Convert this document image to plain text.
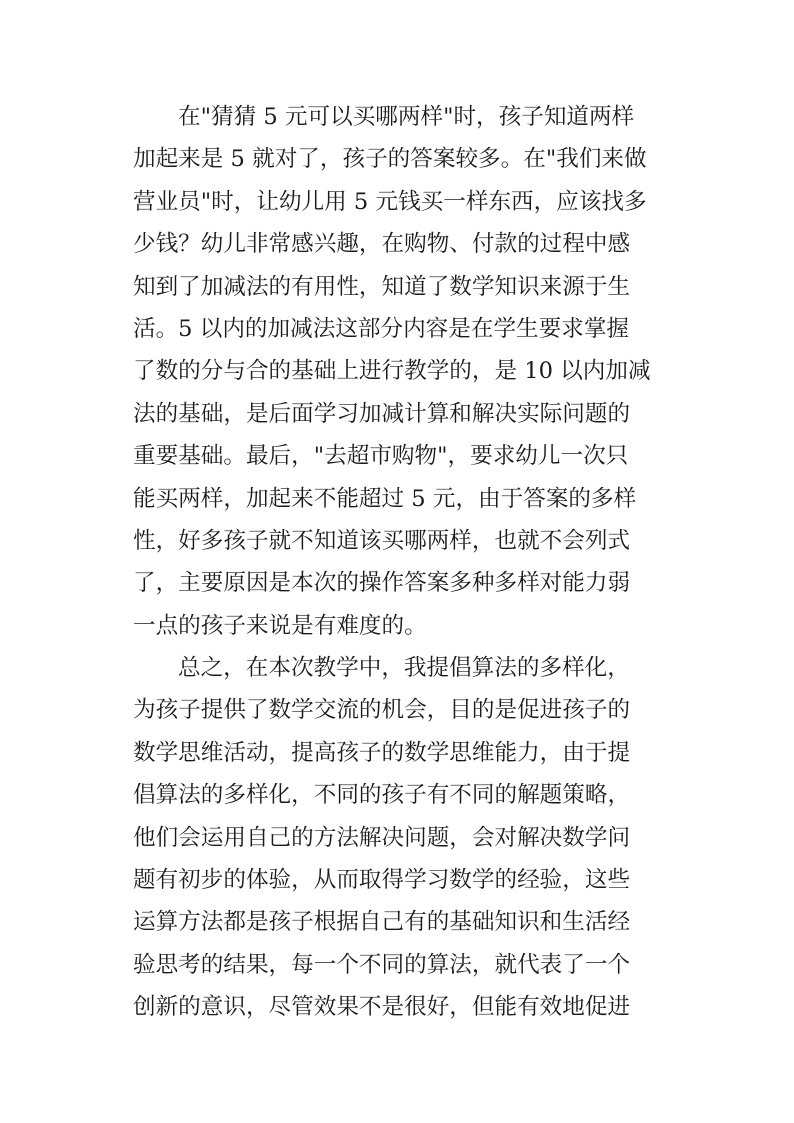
在"猜猜 5 元可以买哪两样"时，孩子知道两样
加起来是 5 就对了，孩子的答案较多。在"我们来做
营业员"时，让幼儿用 5 元钱买一样东西，应该找多
少钱？幼儿非常感兴趣，在购物、付款的过程中感
知到了加减法的有用性，知道了数学知识来源于生
活。5 以内的加减法这部分内容是在学生要求掌握
了数的分与合的基础上进行教学的，是 10 以内加减
法的基础，是后面学习加减计算和解决实际问题的
重要基础。最后，"去超市购物"，要求幼儿一次只
能买两样，加起来不能超过 5 元，由于答案的多样
性，好多孩子就不知道该买哪两样，也就不会列式
了，主要原因是本次的操作答案多种多样对能力弱
一点的孩子来说是有难度的。
总之，在本次教学中，我提倡算法的多样化，
为孩子提供了数学交流的机会，目的是促进孩子的
数学思维活动，提高孩子的数学思维能力，由于提
倡算法的多样化，不同的孩子有不同的解题策略，
他们会运用自己的方法解决问题，会对解决数学问
题有初步的体验，从而取得学习数学的经验，这些
运算方法都是孩子根据自己有的基础知识和生活经
验思考的结果，每一个不同的算法，就代表了一个
创新的意识，尽管效果不是很好，但能有效地促进
